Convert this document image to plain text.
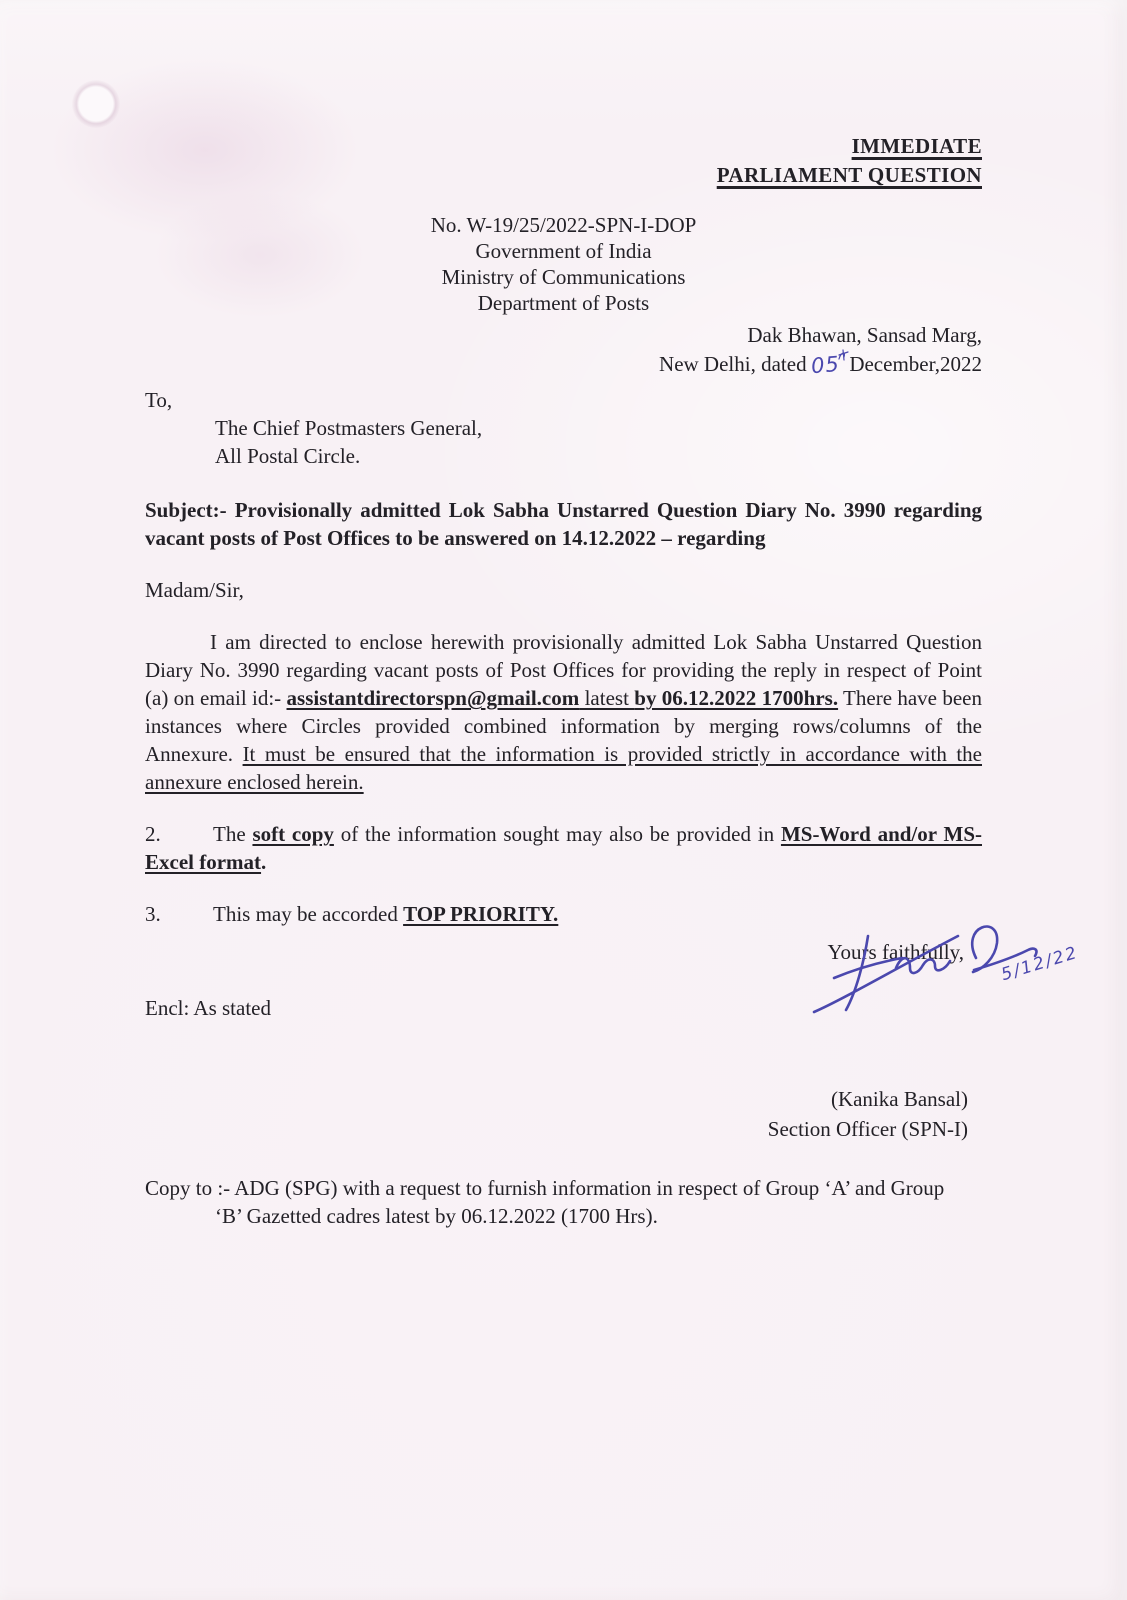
IMMEDIATE
PARLIAMENT QUESTION
No. W-19/25/2022-SPN-I-DOP
Government of India
Ministry of Communications
Department of Posts
Dak Bhawan, Sansad Marg,
New Delhi, dated 05 December,2022
To,
The Chief Postmasters General,
All Postal Circle.
Subject:- Provisionally admitted Lok Sabha Unstarred Question Diary No. 3990 regarding vacant posts of Post Offices to be answered on 14.12.2022 – regarding
Madam/Sir,
I am directed to enclose herewith provisionally admitted Lok Sabha Unstarred Question Diary No. 3990 regarding vacant posts of Post Offices for providing the reply in respect of Point (a) on email id:- assistantdirectorspn@gmail.com latest by 06.12.2022 1700hrs. There have been instances where Circles provided combined information by merging rows/columns of the Annexure. It must be ensured that the information is provided strictly in accordance with the annexure enclosed herein.
2. The soft copy of the information sought may also be provided in MS-Word and/or MS-Excel format.
3. This may be accorded TOP PRIORITY.
Yours faithfully,
Encl: As stated
5/12/22
(Kanika Bansal)
Section Officer (SPN-I)
Copy to :- ADG (SPG) with a request to furnish information in respect of Group ‘A’ and Group
‘B’ Gazetted cadres latest by 06.12.2022 (1700 Hrs).
